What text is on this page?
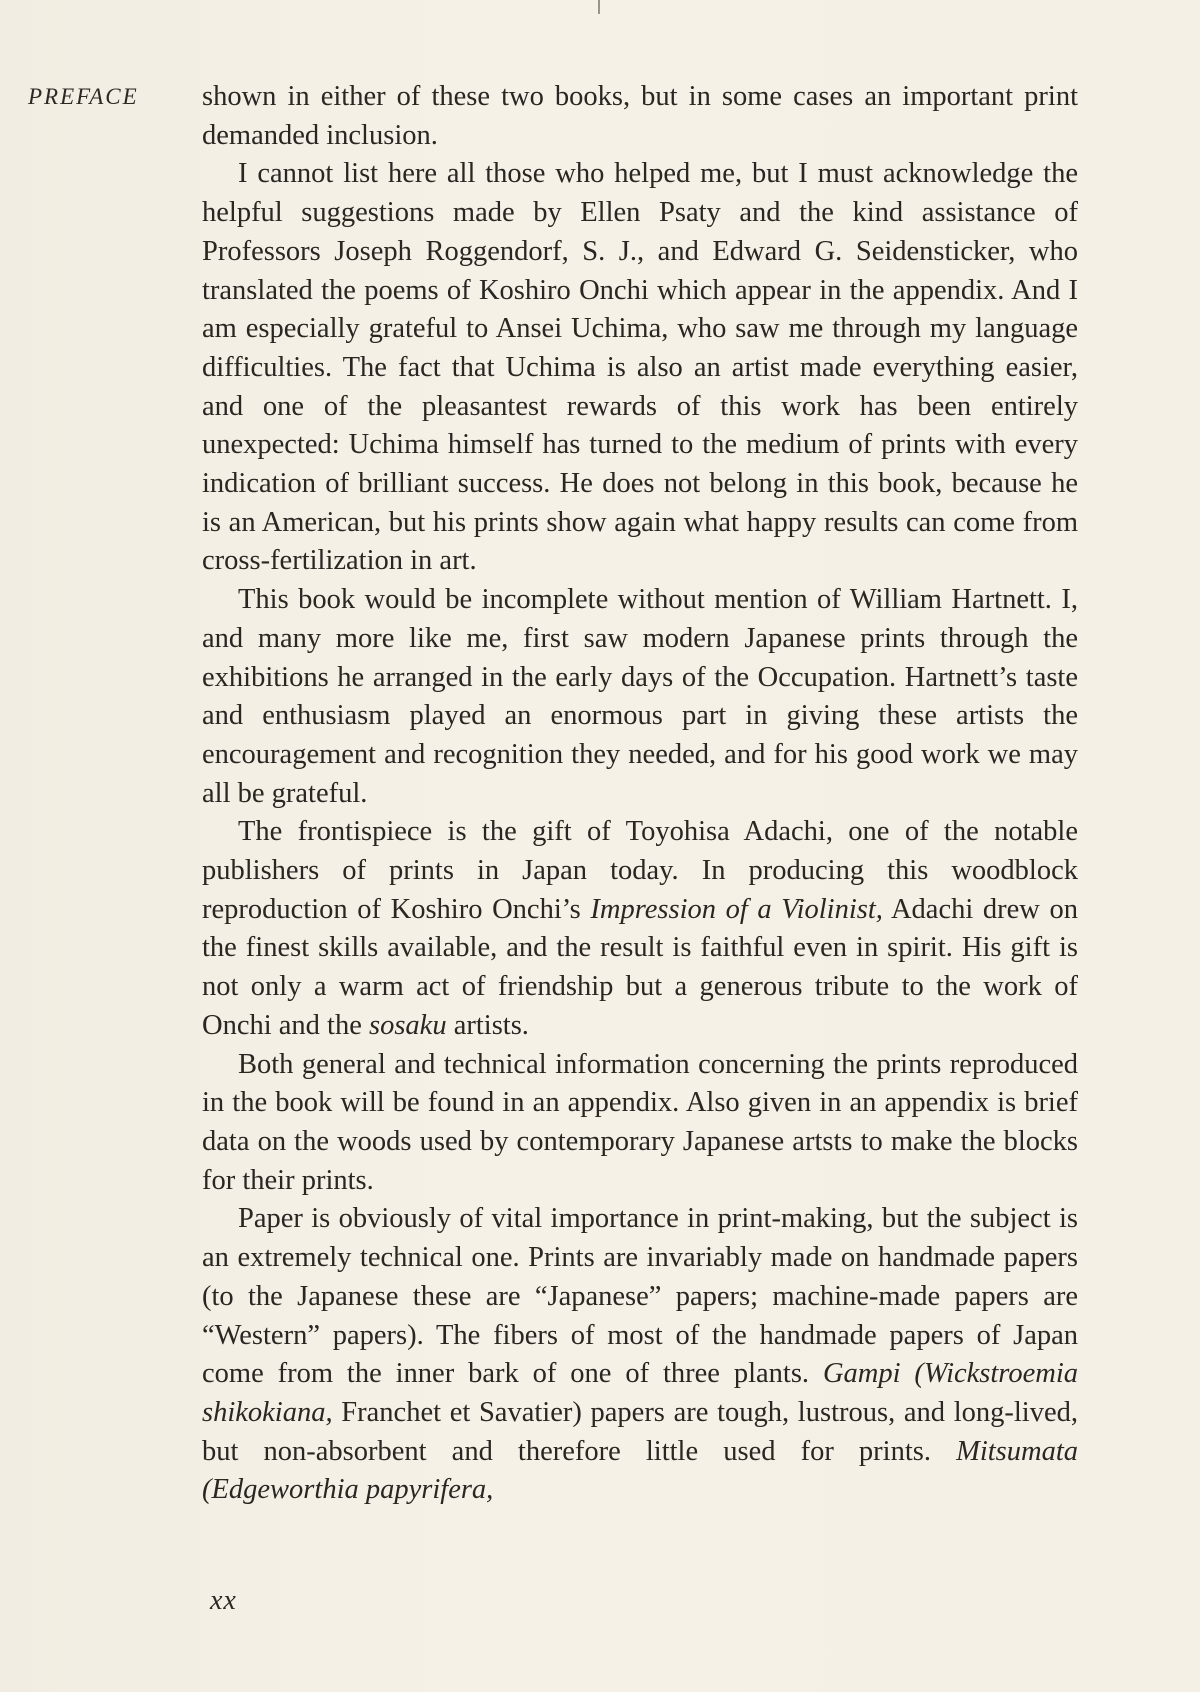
PREFACE shown in either of these two books, but in some cases an important print demanded inclusion.

I cannot list here all those who helped me, but I must acknowledge the helpful suggestions made by Ellen Psaty and the kind assistance of Professors Joseph Roggendorf, S. J., and Edward G. Seidensticker, who translated the poems of Koshiro Onchi which appear in the appendix. And I am especially grateful to Ansei Uchima, who saw me through my language difficulties. The fact that Uchima is also an artist made everything easier, and one of the pleasantest rewards of this work has been entirely unexpected: Uchima himself has turned to the medium of prints with every indication of brilliant success. He does not belong in this book, because he is an American, but his prints show again what happy results can come from cross-fertilization in art.

This book would be incomplete without mention of William Hartnett. I, and many more like me, first saw modern Japanese prints through the exhibitions he arranged in the early days of the Occupation. Hartnett’s taste and enthusiasm played an enormous part in giving these artists the encouragement and recognition they needed, and for his good work we may all be grateful.

The frontispiece is the gift of Toyohisa Adachi, one of the notable publishers of prints in Japan today. In producing this woodblock reproduction of Koshiro Onchi’s Impression of a Violinist, Adachi drew on the finest skills available, and the result is faithful even in spirit. His gift is not only a warm act of friendship but a generous tribute to the work of Onchi and the sosaku artists.

Both general and technical information concerning the prints reproduced in the book will be found in an appendix. Also given in an appendix is brief data on the woods used by contemporary Japanese artsts to make the blocks for their prints.

Paper is obviously of vital importance in print-making, but the subject is an extremely technical one. Prints are invariably made on handmade papers (to the Japanese these are “Japanese” papers; machine-made papers are “Western” papers). The fibers of most of the handmade papers of Japan come from the inner bark of one of three plants. Gampi (Wickstroemia shikokiana, Franchet et Savatier) papers are tough, lustrous, and long-lived, but non-absorbent and therefore little used for prints. Mitsumata (Edgeworthia papyrifera,

xx
